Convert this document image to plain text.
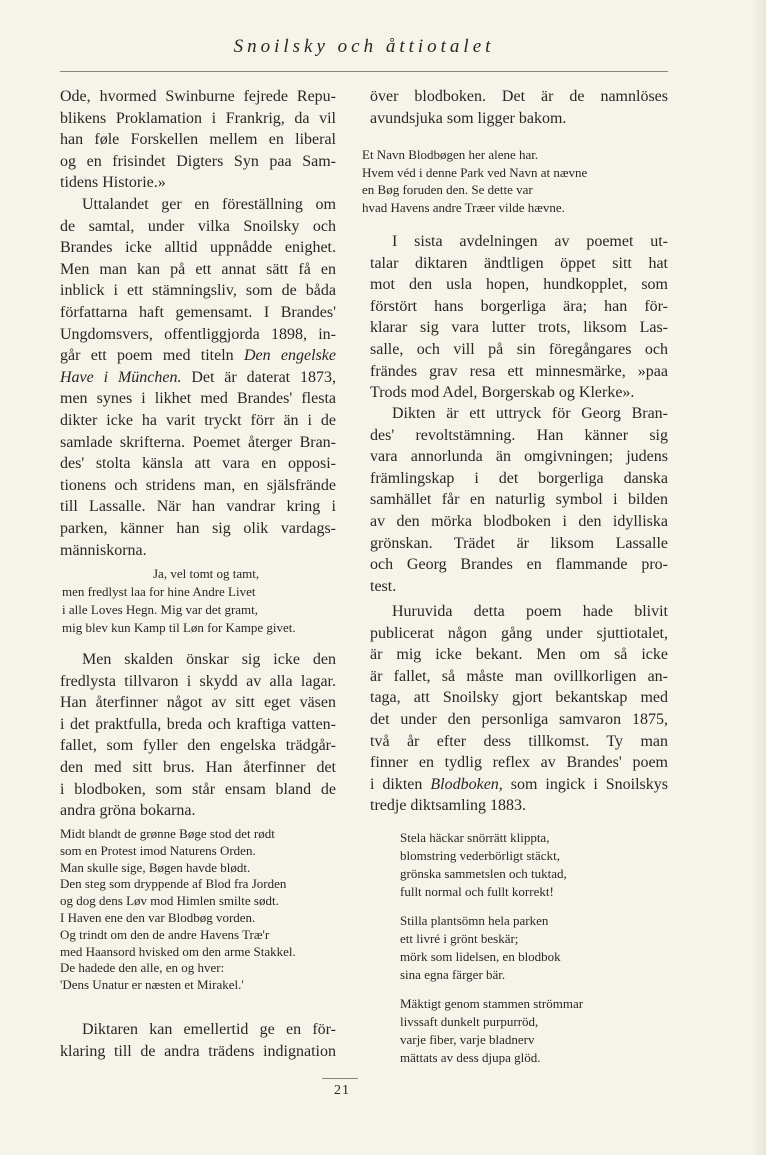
Snoilsky och åttiotalet
Ode, hvormed Swinburne fejrede Repu-
blikens Proklamation i Frankrig, da vil
han føle Forskellen mellem en liberal
og en frisindet Digters Syn paa Sam-
tidens Historie.»
Uttalandet ger en föreställning om
de samtal, under vilka Snoilsky och
Brandes icke alltid uppnådde enighet.
Men man kan på ett annat sätt få en
inblick i ett stämningsliv, som de båda
författarna haft gemensamt. I Brandes'
Ungdomsvers, offentliggjorda 1898, in-
går ett poem med titeln Den engelske
Have i München. Det är daterat 1873,
men synes i likhet med Brandes' flesta
dikter icke ha varit tryckt förr än i de
samlade skrifterna. Poemet återger Bran-
des' stolta känsla att vara en opposi-
tionens och stridens man, en själsfrände
till Lassalle. När han vandrar kring i
parken, känner han sig olik vardags-
människorna.
Ja, vel tomt og tamt,
men fredlyst laa for hine Andre Livet
i alle Loves Hegn. Mig var det gramt,
mig blev kun Kamp til Løn for Kampe givet.
Men skalden önskar sig icke den
fredlysta tillvaron i skydd av alla lagar.
Han återfinner något av sitt eget väsen
i det praktfulla, breda och kraftiga vatten-
fallet, som fyller den engelska trädgår-
den med sitt brus. Han återfinner det
i blodboken, som står ensam bland de
andra gröna bokarna.
Midt blandt de grønne Bøge stod det rødt
som en Protest imod Naturens Orden.
Man skulle sige, Bøgen havde blødt.
Den steg som dryppende af Blod fra Jorden
og dog dens Løv mod Himlen smilte sødt.
I Haven ene den var Blodbøg vorden.
Og trindt om den de andre Havens Træ'r
med Haansord hvisked om den arme Stakkel.
De hadede den alle, en og hver:
'Dens Unatur er næsten et Mirakel.'
Diktaren kan emellertid ge en för-
klaring till de andra trädens indignation
över blodboken. Det är de namnlöses
avundsjuka som ligger bakom.
Et Navn Blodbøgen her alene har.
Hvem véd i denne Park ved Navn at nævne
en Bøg foruden den. Se dette var
hvad Havens andre Træer vilde hævne.
I sista avdelningen av poemet ut-
talar diktaren ändtligen öppet sitt hat
mot den usla hopen, hundkopplet, som
förstört hans borgerliga ära; han för-
klarar sig vara lutter trots, liksom Las-
salle, och vill på sin föregångares och
frändes grav resa ett minnesmärke, »paa
Trods mod Adel, Borgerskab og Klerke».
Dikten är ett uttryck för Georg Bran-
des' revoltstämning. Han känner sig
vara annorlunda än omgivningen; judens
främlingskap i det borgerliga danska
samhället får en naturlig symbol i bilden
av den mörka blodboken i den idylliska
grönskan. Trädet är liksom Lassalle
och Georg Brandes en flammande pro-
test.
Huruvida detta poem hade blivit
publicerat någon gång under sjuttiotalet,
är mig icke bekant. Men om så icke
är fallet, så måste man ovillkorligen an-
taga, att Snoilsky gjort bekantskap med
det under den personliga samvaron 1875,
två år efter dess tillkomst. Ty man
finner en tydlig reflex av Brandes' poem
i dikten Blodboken, som ingick i Snoilskys
tredje diktsamling 1883.
Stela häckar snörrätt klippta,
blomstring vederbörligt stäckt,
grönska sammetslen och tuktad,
fullt normal och fullt korrekt!
Stilla plantsömn hela parken
ett livré i grönt beskär;
mörk som lidelsen, en blodbok
sina egna färger bär.
Mäktigt genom stammen strömmar
livssaft dunkelt purpurröd,
varje fiber, varje bladnerv
mättats av dess djupa glöd.
21
